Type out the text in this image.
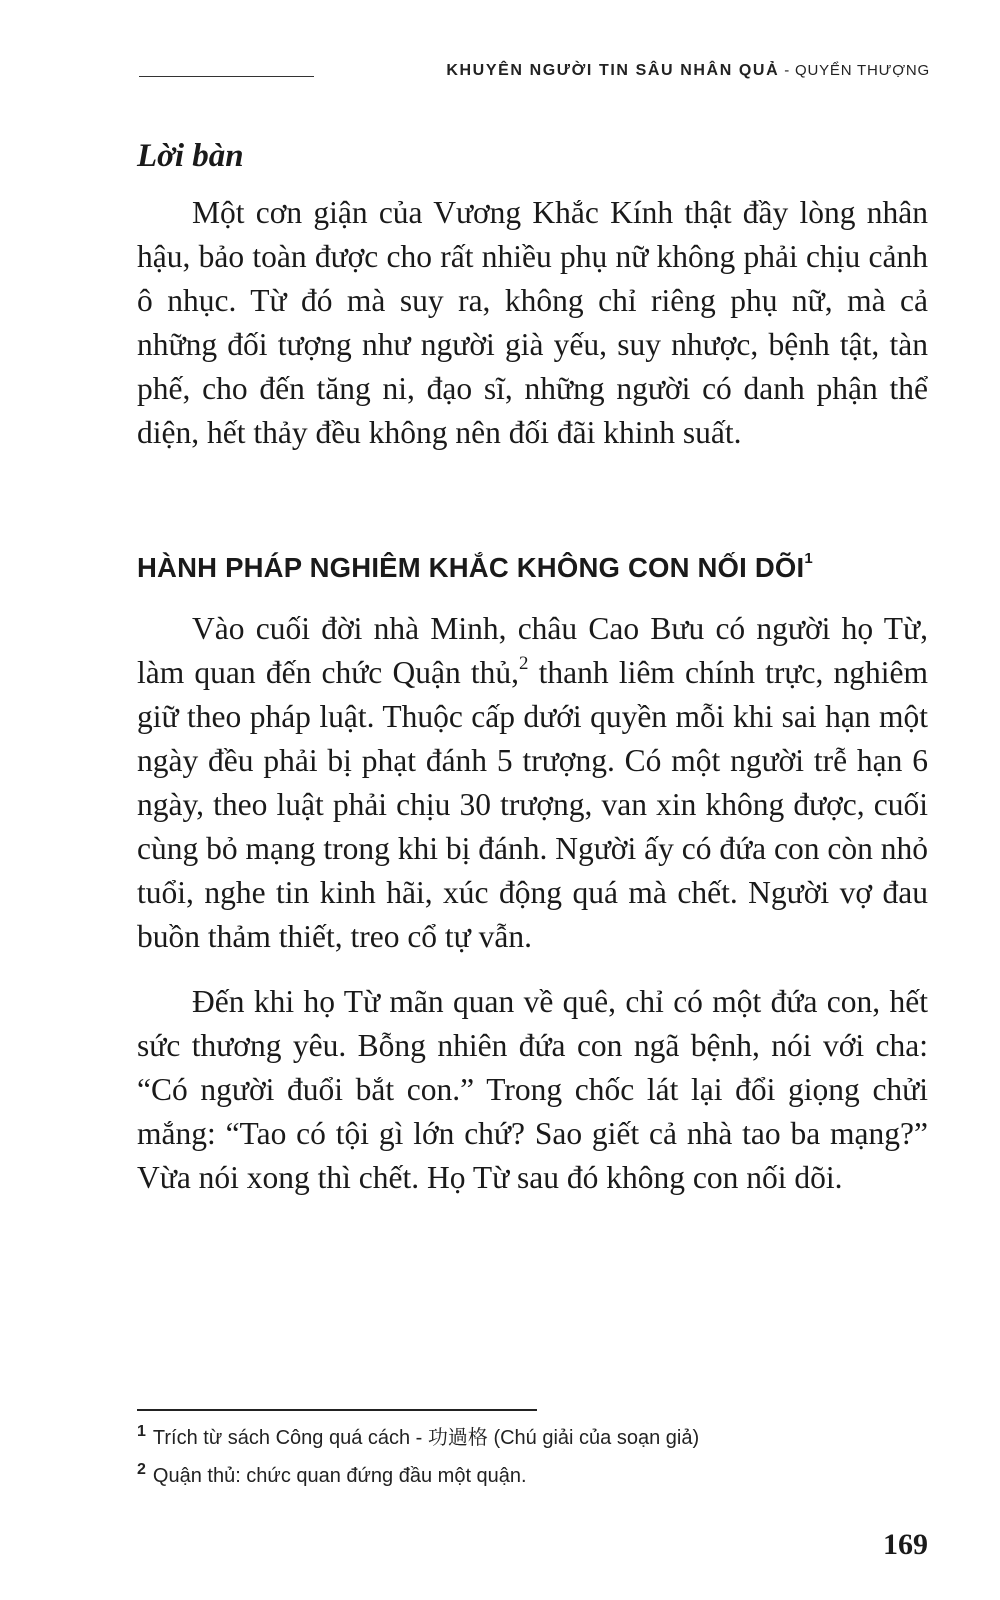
KHUYÊN NGƯỜI TIN SÂU NHÂN QUẢ - QUYỂN THƯỢNG
Lời bàn

Một cơn giận của Vương Khắc Kính thật đầy lòng nhân hậu, bảo toàn được cho rất nhiều phụ nữ không phải chịu cảnh ô nhục. Từ đó mà suy ra, không chỉ riêng phụ nữ, mà cả những đối tượng như người già yếu, suy nhược, bệnh tật, tàn phế, cho đến tăng ni, đạo sĩ, những người có danh phận thể diện, hết thảy đều không nên đối đãi khinh suất.

HÀNH PHÁP NGHIÊM KHẮC KHÔNG CON NỐI DÕI$^1$

Vào cuối đời nhà Minh, châu Cao Bưu có người họ Từ, làm quan đến chức Quận thủ,$^2$ thanh liêm chính trực, nghiêm giữ theo pháp luật. Thuộc cấp dưới quyền mỗi khi sai hạn một ngày đều phải bị phạt đánh 5 trượng. Có một người trễ hạn 6 ngày, theo luật phải chịu 30 trượng, van xin không được, cuối cùng bỏ mạng trong khi bị đánh. Người ấy có đứa con còn nhỏ tuổi, nghe tin kinh hãi, xúc động quá mà chết. Người vợ đau buồn thảm thiết, treo cổ tự vẫn.

Đến khi họ Từ mãn quan về quê, chỉ có một đứa con, hết sức thương yêu. Bỗng nhiên đứa con ngã bệnh, nói với cha: “Có người đuổi bắt con.” Trong chốc lát lại đổi giọng chửi mắng: “Tao có tội gì lớn chứ? Sao giết cả nhà tao ba mạng?” Vừa nói xong thì chết. Họ Từ sau đó không con nối dõi.

$^1$ Trích từ sách Công quá cách - 功過格 (Chú giải của soạn giả)
$^2$ Quận thủ: chức quan đứng đầu một quận.
169
